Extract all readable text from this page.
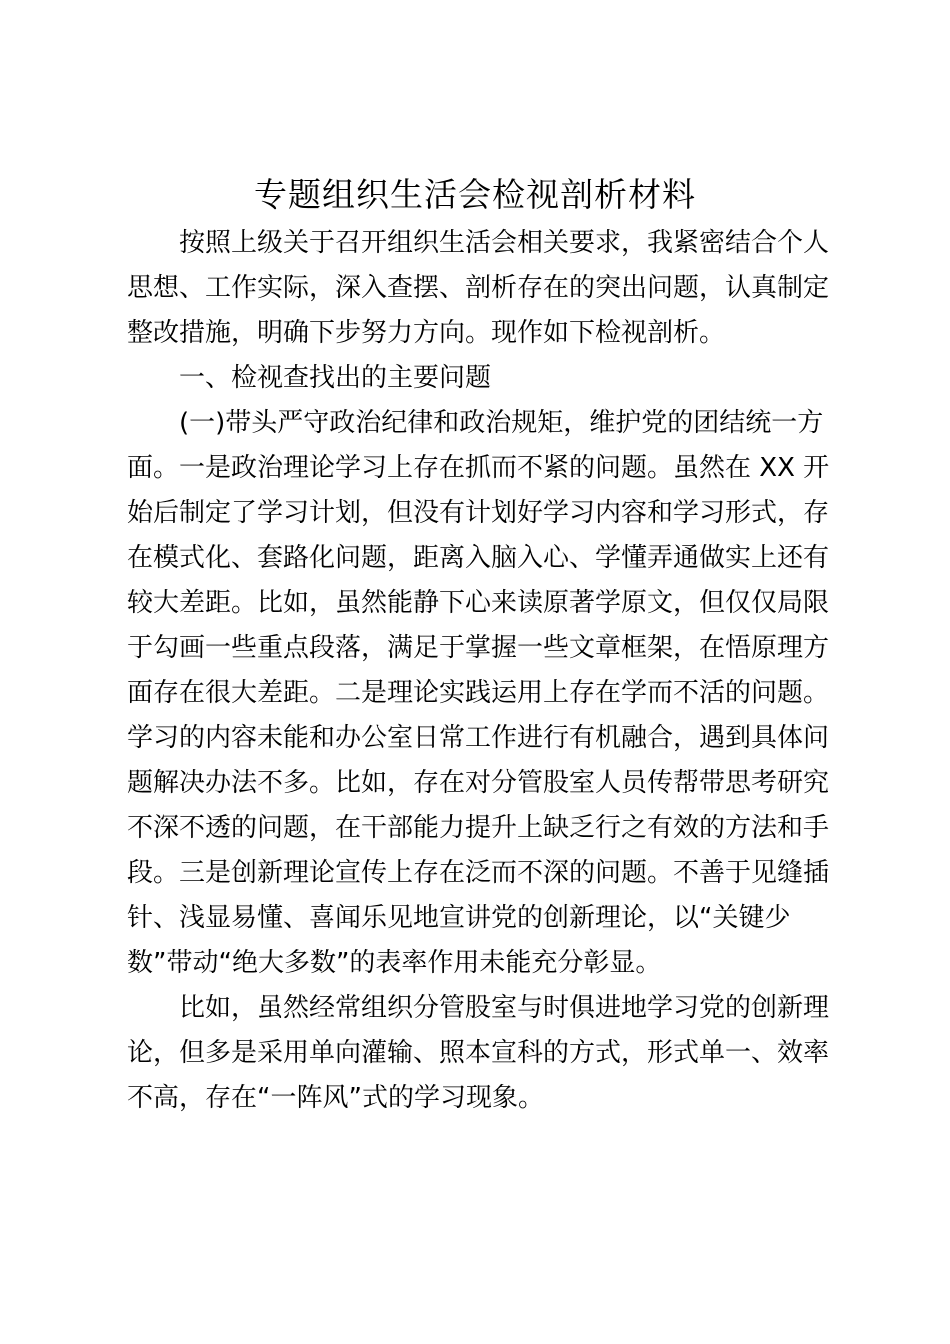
专题组织生活会检视剖析材料
按照上级关于召开组织生活会相关要求，我紧密结合个人
思想、工作实际，深入查摆、剖析存在的突出问题，认真制定
整改措施，明确下步努力方向。现作如下检视剖析。
一、检视查找出的主要问题
(一)带头严守政治纪律和政治规矩，维护党的团结统一方
面。一是政治理论学习上存在抓而不紧的问题。虽然在 XX 开
始后制定了学习计划，但没有计划好学习内容和学习形式，存
在模式化、套路化问题，距离入脑入心、学懂弄通做实上还有
较大差距。比如，虽然能静下心来读原著学原文，但仅仅局限
于勾画一些重点段落，满足于掌握一些文章框架，在悟原理方
面存在很大差距。二是理论实践运用上存在学而不活的问题。
学习的内容未能和办公室日常工作进行有机融合，遇到具体问
题解决办法不多。比如，存在对分管股室人员传帮带思考研究
不深不透的问题，在干部能力提升上缺乏行之有效的方法和手
段。三是创新理论宣传上存在泛而不深的问题。不善于见缝插
针、浅显易懂、喜闻乐见地宣讲党的创新理论，以“关键少
数”带动“绝大多数”的表率作用未能充分彰显。
比如，虽然经常组织分管股室与时俱进地学习党的创新理
论，但多是采用单向灌输、照本宣科的方式，形式单一、效率
不高，存在“一阵风”式的学习现象。
